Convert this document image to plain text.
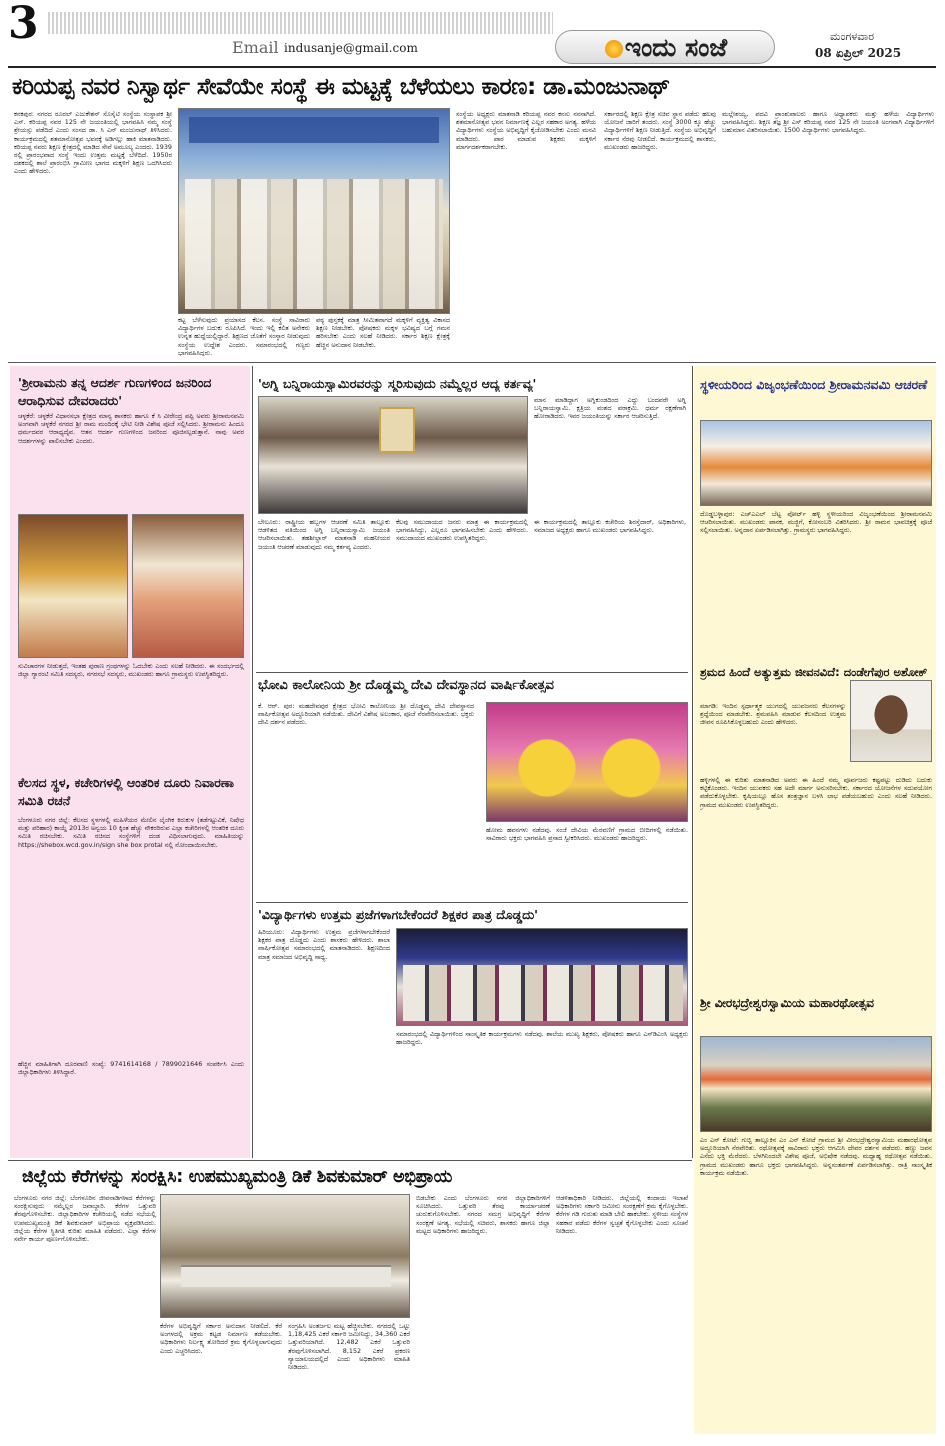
3	Email indusanje@gmail.com	ಇಂದು ಸಂಜೆ	ಮಂಗಳವಾರ
08 ಏಪ್ರಿಲ್ 2025
ಕರಿಯಪ್ಪ ನವರ ನಿಸ್ವಾರ್ಥ ಸೇವೆಯೇ ಸಂಸ್ಥೆ ಈ ಮಟ್ಟಕ್ಕೆ ಬೆಳೆಯಲು ಕಾರಣ: ಡಾ.ಮಂಜುನಾಥ್
ಕನಕಪುರ: ನಗರದ ರೂರಲ್ ಎಜುಕೇಶನ್ ಸೊಸೈಟಿ ಸಂಸ್ಥೆಯ ಸಂಸ್ಥಾಪಕ ಶ್ರೀ ಎಸ್. ಕರಿಯಪ್ಪ ನವರ 125 ನೇ ಜಯಂತಿಯಲ್ಲಿ ಭಾಗವಹಿಸಿ ನಮ್ಮ ಸಂಸ್ಥೆ ಶ್ರೇಯಸ್ಸು ಪಡೆದಿದೆ ಎಂದು ಸಂಸದ ಡಾ. ಸಿ ಎನ್ ಮಂಜುನಾಥ್ ತಿಳಿಸಿದರು. ಕಾರ್ಯಕ್ರಮದಲ್ಲಿ ಶತಮಾನೋತ್ಸವ ಭವನಕ್ಕೆ ಅಡಿಗಲ್ಲು ಹಾಕಿ ಮಾತನಾಡಿದರು. ಕರಿಯಪ್ಪ ನವರು ಶಿಕ್ಷಣ ಕ್ಷೇತ್ರದಲ್ಲಿ ಮಾಡಿದ ಸೇವೆ ಅಮೂಲ್ಯ ಎಂದರು. 1939 ರಲ್ಲಿ ಪ್ರಾರಂಭವಾದ ಸಂಸ್ಥೆ ಇಂದು ಉತ್ತಮ ಮಟ್ಟಕ್ಕೆ ಬೆಳೆದಿದೆ. 1950ರ ದಶಕದಲ್ಲಿ ಶಾಲೆ ಪ್ರಾರಂಭಿಸಿ ಗ್ರಾಮೀಣ ಭಾಗದ ಮಕ್ಕಳಿಗೆ ಶಿಕ್ಷಣ ಒದಗಿಸಿದರು ಎಂದು ಹೇಳಿದರು.
ಕಟ್ಟ ಬೆಳೆಸುವುದು ಪ್ರಯಾಸದ ಕೆಲಸ. ಸಂಸ್ಥೆ ಸಾವಿರಾರು ವಿದ್ಯಾರ್ಥಿಗಳ ಬದುಕು ರೂಪಿಸಿದೆ. ಇಂದು ಇಲ್ಲಿ ಕಲಿತ ಅನೇಕರು ಉನ್ನತ ಹುದ್ದೆಯಲ್ಲಿದ್ದಾರೆ. ಶಿಕ್ಷಣದ ಜೊತೆಗೆ ಸಂಸ್ಕಾರ ನೀಡುವುದು ಸಂಸ್ಥೆಯ ಉದ್ದೇಶ ಎಂದರು. ಸಮಾರಂಭದಲ್ಲಿ ಗಣ್ಯರು ಭಾಗವಹಿಸಿದ್ದರು.
ಪಠ್ಯ ಪುಸ್ತಕಕ್ಕೆ ಮಾತ್ರ ಸೀಮಿತವಾಗದೆ ಮಕ್ಕಳಿಗೆ ವ್ಯಕ್ತಿತ್ವ ವಿಕಾಸದ ಶಿಕ್ಷಣ ನೀಡಬೇಕು. ಪೋಷಕರು ಮಕ್ಕಳ ಭವಿಷ್ಯದ ಬಗ್ಗೆ ಗಮನ ಹರಿಸಬೇಕು ಎಂದು ಸಲಹೆ ನೀಡಿದರು. ಸರ್ಕಾರ ಶಿಕ್ಷಣ ಕ್ಷೇತ್ರಕ್ಕೆ ಹೆಚ್ಚಿನ ಅನುದಾನ ನೀಡಬೇಕು.
ಸಂಸ್ಥೆಯ ಅಧ್ಯಕ್ಷರು ಮಾತನಾಡಿ ಕರಿಯಪ್ಪ ನವರ ಕನಸು ನನಸಾಗಿದೆ. ಶತಮಾನೋತ್ಸವ ಭವನ ನಿರ್ಮಾಣಕ್ಕೆ ಎಲ್ಲರ ಸಹಕಾರ ಅಗತ್ಯ. ಹಳೆಯ ವಿದ್ಯಾರ್ಥಿಗಳು ಸಂಸ್ಥೆಯ ಅಭಿವೃದ್ಧಿಗೆ ಕೈಜೋಡಿಸಬೇಕು ಎಂದು ಮನವಿ ಮಾಡಿದರು. ಪಾಠ ಮಾಡುವ ಶಿಕ್ಷಕರು ಮಕ್ಕಳಿಗೆ ಮಾರ್ಗದರ್ಶಕರಾಗಬೇಕು.
ಸರ್ಕಾರದಲ್ಲಿ ಶಿಕ್ಷಣ ಕ್ಷೇತ್ರ ಸಚಿವ ಸ್ಥಾನ ಪಡೆದು ಹಲವು ಯೋಜನೆ ಜಾರಿಗೆ ತಂದರು. ಸಂಸ್ಥೆ 3000 ಕ್ಕೂ ಹೆಚ್ಚು ವಿದ್ಯಾರ್ಥಿಗಳಿಗೆ ಶಿಕ್ಷಣ ನೀಡುತ್ತಿದೆ. ಸಂಸ್ಥೆಯ ಅಭಿವೃದ್ಧಿಗೆ ಸರ್ಕಾರ ನೆರವು ನೀಡಲಿದೆ. ಕಾರ್ಯಕ್ರಮದಲ್ಲಿ ಶಾಸಕರು, ಮುಖಂಡರು ಹಾಜರಿದ್ದರು.
ಮಲ್ಲೇಶಯ್ಯ, ಪದವಿ ಪ್ರಾಂಶುಪಾಲರು ಹಾಗೂ ಅಧ್ಯಾಪಕರು ಮತ್ತು ಹಳೆಯ ವಿದ್ಯಾರ್ಥಿಗಳು ಭಾಗವಹಿಸಿದ್ದರು. ಶಿಕ್ಷಣ ತಜ್ಞ ಶ್ರೀ ಎಸ್ ಕರಿಯಪ್ಪ ನವರ 125 ನೇ ಜಯಂತಿ ಅಂಗವಾಗಿ ವಿದ್ಯಾರ್ಥಿಗಳಿಗೆ ಬಹುಮಾನ ವಿತರಿಸಲಾಯಿತು. 1500 ವಿದ್ಯಾರ್ಥಿಗಳು ಭಾಗವಹಿಸಿದ್ದರು.
'ಶ್ರೀರಾಮನು ತನ್ನ ಆದರ್ಶ ಗುಣಗಳಿಂದ ಜನರಿಂದ ಆರಾಧಿಸುವ ದೇವರಾದರು'
ಚಳ್ಳಕೆರೆ: ಚಳ್ಳಕೆರೆ ವಿಧಾನಸಭಾ ಕ್ಷೇತ್ರದ ಮಾನ್ಯ ಶಾಸಕರು ಹಾಗೂ ಕೆ ಸಿ ವೀರೇಂದ್ರ ಪಪ್ಪಿ ಅವರು ಶ್ರೀರಾಮನವಮಿ ಅಂಗವಾಗಿ ಚಳ್ಳಕೆರೆ ನಗರದ ಶ್ರೀ ರಾಮ ಮಂದಿರಕ್ಕೆ ಭೇಟಿ ನೀಡಿ ವಿಶೇಷ ಪೂಜೆ ಸಲ್ಲಿಸಿದರು. ಶ್ರೀರಾಮನು ಹಿಂದೂ ಧರ್ಮದವರ ಆರಾಧ್ಯದೈವ. ಆತನ ಆದರ್ಶ ಗುಣಗಳಿಂದ ಜನರಿಂದ ಪೂಜಿಸಲ್ಪಡುತ್ತಾನೆ. ನಾವು ಅವರ ಆದರ್ಶಗಳನ್ನು ಪಾಲಿಸಬೇಕು ಎಂದರು.
ಸುವಿಚಾರಗಳ ನೀಡುತ್ತದೆ, ಇಂತಹ ಪುರಾಣ ಗ್ರಂಥಗಳನ್ನು ಓದಬೇಕು ಎಂದು ಸಲಹೆ ನೀಡಿದರು. ಈ ಸಂದರ್ಭದಲ್ಲಿ ಜಿಲ್ಲಾ ಗ್ಯಾರಂಟಿ ಸಮಿತಿ ಸದಸ್ಯರು, ನಗರಸಭೆ ಸದಸ್ಯರು, ಮುಖಂಡರು ಹಾಗೂ ಗ್ರಾಮಸ್ಥರು ಉಪಸ್ಥಿತರಿದ್ದರು.
ಕೆಲಸದ ಸ್ಥಳ, ಕಚೇರಿಗಳಲ್ಲಿ ಆಂತರಿಕ ದೂರು ನಿವಾರಣಾ ಸಮಿತಿ ರಚನೆ
ಬೆಂಗಳೂರು ನಗರ ಜಿಲ್ಲೆ: ಕೆಲಸದ ಸ್ಥಳಗಳಲ್ಲಿ ಮಹಿಳೆಯರ ಮೇಲಿನ ಲೈಂಗಿಕ ಕಿರುಕುಳ (ತಡೆಗಟ್ಟುವಿಕೆ, ನಿಷೇಧ ಮತ್ತು ಪರಿಹಾರ) ಕಾಯ್ದೆ 2013ರ ಅನ್ವಯ 10 ಕ್ಕಿಂತ ಹೆಚ್ಚು ನೌಕರರಿರುವ ಎಲ್ಲಾ ಕಚೇರಿಗಳಲ್ಲಿ ಆಂತರಿಕ ದೂರು ಸಮಿತಿ ರಚಿಸಬೇಕು. ಸಮಿತಿ ರಚಿಸದ ಸಂಸ್ಥೆಗಳಿಗೆ ದಂಡ ವಿಧಿಸಲಾಗುವುದು. ಮಾಹಿತಿಯನ್ನು https://shebox.wcd.gov.in/sign she box protal ನಲ್ಲಿ ನೋಂದಾಯಿಸಬೇಕು.
ಹೆಚ್ಚಿನ ಮಾಹಿತಿಗಾಗಿ ದೂರವಾಣಿ ಸಂಖ್ಯೆ: 9741614168 / 7899021646 ಸಂಪರ್ಕಿಸಿ ಎಂದು ಜಿಲ್ಲಾಧಿಕಾರಿಗಳು ತಿಳಿಸಿದ್ದಾರೆ.
'ಅಗ್ನಿ ಬನ್ನಿರಾಯಸ್ವಾಮಿರವರನ್ನು ಸ್ಮರಿಸುವುದು ನಮ್ಮೆಲ್ಲರ ಆದ್ಯ ಕರ್ತವ್ಯ'
ಮಾನ ಮಾಡಿದ್ದಾಗ ಅಗ್ನಿಕುಂಡದಿಂದ ಎದ್ದು ಬಂದವರೇ ಅಗ್ನಿ ಬನ್ನಿರಾಯಸ್ವಾಮಿ. ಕ್ಷತ್ರಿಯ ವಂಶದ ಪರಾಕ್ರಮಿ. ಧರ್ಮ ರಕ್ಷಣೆಗಾಗಿ ಹೋರಾಡಿದರು. ಇವರ ಜಯಂತಿಯನ್ನು ಸರ್ಕಾರ ಆಚರಿಸುತ್ತಿದೆ.
ಬೇಲೂರು: ರಾಷ್ಟ್ರೀಯ ಹಬ್ಬಗಳ ಆಚರಣೆ ಸಮಿತಿ ತಾಲ್ಲೂಕು ಆಡಳಿತದ ವತಿಯಿಂದ ಅಗ್ನಿ ಬನ್ನಿರಾಯಸ್ವಾಮಿ ಜಯಂತಿ ಆಚರಿಸಲಾಯಿತು. ತಹಶೀಲ್ದಾರ್ ಮಾತನಾಡಿ ಮಹನೀಯರ ಜಯಂತಿ ಆಚರಣೆ ಮಾಡುವುದು ನಮ್ಮ ಕರ್ತವ್ಯ ಎಂದರು.
ಕೆಲವು ಸಮುದಾಯದ ಜನರು ಮಾತ್ರ ಈ ಕಾರ್ಯಕ್ರಮದಲ್ಲಿ ಭಾಗವಹಿಸಿದ್ದು, ಎಲ್ಲರೂ ಭಾಗವಹಿಸಬೇಕು ಎಂದು ಹೇಳಿದರು. ಸಮುದಾಯದ ಮುಖಂಡರು ಉಪಸ್ಥಿತರಿದ್ದರು.
ಈ ಕಾರ್ಯಕ್ರಮದಲ್ಲಿ ತಾಲ್ಲೂಕು ಕಚೇರಿಯ ಶಿರಸ್ತೆದಾರ್, ಅಧಿಕಾರಿಗಳು, ಸಮಾಜದ ಅಧ್ಯಕ್ಷರು ಹಾಗೂ ಮುಖಂಡರು ಭಾಗವಹಿಸಿದ್ದರು.
ಭೋವಿ ಕಾಲೋನಿಯ ಶ್ರೀ ದೊಡ್ಡಮ್ಮ ದೇವಿ ದೇವಸ್ಥಾನದ ವಾರ್ಷಿಕೋತ್ಸವ
ಕೆ. ಆರ್. ಪುರ: ಮಹದೇವಪುರ ಕ್ಷೇತ್ರದ ಭೋವಿ ಕಾಲೋನಿಯ ಶ್ರೀ ದೊಡ್ಡಮ್ಮ ದೇವಿ ದೇವಸ್ಥಾನದ ವಾರ್ಷಿಕೋತ್ಸವ ಅದ್ದೂರಿಯಾಗಿ ನಡೆಯಿತು. ದೇವಿಗೆ ವಿಶೇಷ ಅಲಂಕಾರ, ಪೂಜೆ ನೆರವೇರಿಸಲಾಯಿತು. ಭಕ್ತರು ದೇವಿ ದರ್ಶನ ಪಡೆದರು.
ಹೋಮ ಹವನಗಳು ನಡೆದವು. ಸಂಜೆ ದೇವಿಯ ಮೆರವಣಿಗೆ ಗ್ರಾಮದ ಬೀದಿಗಳಲ್ಲಿ ನಡೆಯಿತು. ಸಾವಿರಾರು ಭಕ್ತರು ಭಾಗವಹಿಸಿ ಪ್ರಸಾದ ಸ್ವೀಕರಿಸಿದರು. ಮುಖಂಡರು ಹಾಜರಿದ್ದರು.
'ವಿದ್ಯಾರ್ಥಿಗಳು ಉತ್ತಮ ಪ್ರಜೆಗಳಾಗಬೇಕೆಂದರೆ ಶಿಕ್ಷಕರ ಪಾತ್ರ ದೊಡ್ಡದು'
ಹಿರಿಯೂರು: ವಿದ್ಯಾರ್ಥಿಗಳು ಉತ್ತಮ ಪ್ರಜೆಗಳಾಗಬೇಕೆಂದರೆ ಶಿಕ್ಷಕರ ಪಾತ್ರ ದೊಡ್ಡದು ಎಂದು ಶಾಸಕರು ಹೇಳಿದರು. ಶಾಲಾ ವಾರ್ಷಿಕೋತ್ಸವ ಸಮಾರಂಭದಲ್ಲಿ ಮಾತನಾಡಿದರು. ಶಿಕ್ಷಣದಿಂದ ಮಾತ್ರ ಸಮಾಜದ ಅಭಿವೃದ್ಧಿ ಸಾಧ್ಯ.
ಸಮಾರಂಭದಲ್ಲಿ ವಿದ್ಯಾರ್ಥಿಗಳಿಂದ ಸಾಂಸ್ಕೃತಿಕ ಕಾರ್ಯಕ್ರಮಗಳು ನಡೆದವು. ಶಾಲೆಯ ಮುಖ್ಯ ಶಿಕ್ಷಕರು, ಪೋಷಕರು ಹಾಗೂ ಎಸ್‌ಡಿಎಂಸಿ ಅಧ್ಯಕ್ಷರು ಹಾಜರಿದ್ದರು.
ಸ್ಥಳೀಯರಿಂದ ವಿಜೃಂಭಣೆಯಿಂದ ಶ್ರೀರಾಮನವಮಿ ಆಚರಣೆ
ದೊಡ್ಡಬಳ್ಳಾಪುರ: ಎಚ್‌ಎಎಲ್ ಬೆಟ್ಟ ಪೋರ್ಟ್ ಹಳ್ಳಿ ಸ್ಥಳೀಯರಿಂದ ವಿಜೃಂಭಣೆಯಿಂದ ಶ್ರೀರಾಮನವಮಿ ಆಚರಿಸಲಾಯಿತು. ಮುಖಂಡರು ಪಾನಕ, ಮಜ್ಜಿಗೆ, ಕೋಸಂಬರಿ ವಿತರಿಸಿದರು. ಶ್ರೀ ರಾಮನ ಭಾವಚಿತ್ರಕ್ಕೆ ಪೂಜೆ ಸಲ್ಲಿಸಲಾಯಿತು. ಅನ್ನದಾನ ಏರ್ಪಡಿಸಲಾಗಿತ್ತು. ಗ್ರಾಮಸ್ಥರು ಭಾಗವಹಿಸಿದ್ದರು.
ಶ್ರಮದ ಹಿಂದೆ ಅತ್ಯುತ್ತಮ ಜೀವನವಿದೆ: ದಂಡೇಗೆಪುರ ಅಶೋಕ್
ಮಾಗಡಿ: ಇಂದಿನ ಸ್ಪರ್ಧಾತ್ಮಕ ಯುಗದಲ್ಲಿ ಯುವಜನರು ಕೆಲಸಗಳನ್ನು ಶ್ರದ್ಧೆಯಿಂದ ಮಾಡಬೇಕು. ಶ್ರಮವಹಿಸಿ ಮಾಡುವ ಕೆಲಸದಿಂದ ಉತ್ತಮ ಜೀವನ ರೂಪಿಸಿಕೊಳ್ಳಬಹುದು ಎಂದು ಹೇಳಿದರು.
ಹಳ್ಳಿಗಳಲ್ಲಿ ಈ ಕುರಿತು ಮಾತನಾಡಿದ ಅವರು ಈ ಹಿಂದೆ ನಮ್ಮ ಪೂರ್ವಜರು ಕಷ್ಟಪಟ್ಟು ದುಡಿದು ಬದುಕು ಕಟ್ಟಿಕೊಂಡರು. ಇಂದಿನ ಯುವಕರು ಸಹ ಅದೇ ಮಾರ್ಗ ಅನುಸರಿಸಬೇಕು. ಸರ್ಕಾರದ ಯೋಜನೆಗಳ ಸದುಪಯೋಗ ಪಡೆದುಕೊಳ್ಳಬೇಕು. ಕೃಷಿಯಲ್ಲೂ ಹೊಸ ತಂತ್ರಜ್ಞಾನ ಬಳಸಿ ಲಾಭ ಪಡೆಯಬಹುದು ಎಂದು ಸಲಹೆ ನೀಡಿದರು. ಗ್ರಾಮದ ಮುಖಂಡರು ಉಪಸ್ಥಿತರಿದ್ದರು.
ಶ್ರೀ ವೀರಭದ್ರೇಶ್ವರಸ್ವಾಮಿಯ ಮಹಾರಥೋತ್ಸವ
ಎಂ ಎನ್ ಕೋಟೆ: ಗುಬ್ಬಿ ತಾಲ್ಲೂಕಿನ ಎಂ ಎನ್ ಕೋಟೆ ಗ್ರಾಮದ ಶ್ರೀ ವೀರಭದ್ರೇಶ್ವರಸ್ವಾಮಿಯ ಮಹಾರಥೋತ್ಸವ ಅದ್ದೂರಿಯಾಗಿ ನೆರವೇರಿತು. ರಥೋತ್ಸವಕ್ಕೆ ಸಾವಿರಾರು ಭಕ್ತರು ಆಗಮಿಸಿ ದೇವರ ದರ್ಶನ ಪಡೆದರು. ಹಣ್ಣು ಜವನ ಎಸೆದು ಭಕ್ತಿ ಮೆರೆದರು. ಬೆಳಗಿನಿಂದಲೇ ವಿಶೇಷ ಪೂಜೆ, ಅಭಿಷೇಕ ನಡೆದವು. ಮಧ್ಯಾಹ್ನ ರಥೋತ್ಸವ ನಡೆಯಿತು. ಗ್ರಾಮದ ಮುಖಂಡರು ಹಾಗೂ ಭಕ್ತರು ಭಾಗವಹಿಸಿದ್ದರು. ಅನ್ನಸಂತರ್ಪಣೆ ಏರ್ಪಡಿಸಲಾಗಿತ್ತು. ರಾತ್ರಿ ಸಾಂಸ್ಕೃತಿಕ ಕಾರ್ಯಕ್ರಮ ನಡೆಯಿತು.
ಜಿಲ್ಲೆಯ ಕೆರೆಗಳನ್ನು ಸಂರಕ್ಷಿಸಿ: ಉಪಮುಖ್ಯಮಂತ್ರಿ ಡಿಕೆ ಶಿವಕುಮಾರ್ ಅಭಿಪ್ರಾಯ
ಬೆಂಗಳೂರು ನಗರ ಜಿಲ್ಲೆ: ಬೆಂಗಳೂರಿನ ಜೀವನಾಡಿಗಳಾದ ಕೆರೆಗಳನ್ನು ಸಂರಕ್ಷಿಸುವುದು ನಮ್ಮೆಲ್ಲರ ಜವಾಬ್ದಾರಿ. ಕೆರೆಗಳ ಒತ್ತುವರಿ ತೆರವುಗೊಳಿಸಬೇಕು. ಜಿಲ್ಲಾಧಿಕಾರಿಗಳ ಕಚೇರಿಯಲ್ಲಿ ನಡೆದ ಸಭೆಯಲ್ಲಿ ಉಪಮುಖ್ಯಮಂತ್ರಿ ಡಿಕೆ ಶಿವಕುಮಾರ್ ಅಭಿಪ್ರಾಯ ವ್ಯಕ್ತಪಡಿಸಿದರು. ಜಿಲ್ಲೆಯ ಕೆರೆಗಳ ಸ್ಥಿತಿಗತಿ ಕುರಿತು ಮಾಹಿತಿ ಪಡೆದರು. ಎಲ್ಲಾ ಕೆರೆಗಳ ಸರ್ವೇ ಕಾರ್ಯ ಪೂರ್ಣಗೊಳಿಸಬೇಕು.
ಕೆರೆಗಳ ಅಭಿವೃದ್ಧಿಗೆ ಸರ್ಕಾರ ಅನುದಾನ ನೀಡಲಿದೆ. ಕೆರೆ ಅಂಗಳದಲ್ಲಿ ಅಕ್ರಮ ಕಟ್ಟಡ ನಿರ್ಮಾಣ ತಡೆಯಬೇಕು. ಅಧಿಕಾರಿಗಳು ನಿರ್ಲಕ್ಷ್ಯ ತೋರಿದರೆ ಕ್ರಮ ಕೈಗೊಳ್ಳಲಾಗುವುದು ಎಂದು ಎಚ್ಚರಿಸಿದರು.
ಸಂಗ್ರಹಿಸಿ ಅಂತರ್ಜಲ ಮಟ್ಟ ಹೆಚ್ಚಿಸಬೇಕು. ನಗರದಲ್ಲಿ ಒಟ್ಟು 1,18,425 ಎಕರೆ ಸರ್ಕಾರಿ ಜಮೀನಿದ್ದು, 34,360 ಎಕರೆ ಒತ್ತುವರಿಯಾಗಿದೆ. 12,482 ಎಕರೆ ಒತ್ತುವರಿ ತೆರವುಗೊಳಿಸಲಾಗಿದೆ. 8,152 ಎಕರೆ ಪ್ರಕರಣ ನ್ಯಾಯಾಲಯದಲ್ಲಿದೆ ಎಂದು ಅಧಿಕಾರಿಗಳು ಮಾಹಿತಿ ನೀಡಿದರು.
ಬಿಡಬೇಕು ಎಂದು ಬೆಂಗಳೂರು ನಗರ ಜಿಲ್ಲಾಧಿಕಾರಿಗಳಿಗೆ ಸೂಚಿಸಿದರು. ಒತ್ತುವರಿ ತೆರವು ಕಾರ್ಯಾಚರಣೆ ಚುರುಕುಗೊಳಿಸಬೇಕು. ನಗರದ ಸಮಗ್ರ ಅಭಿವೃದ್ಧಿಗೆ ಕೆರೆಗಳ ಸಂರಕ್ಷಣೆ ಅಗತ್ಯ. ಸಭೆಯಲ್ಲಿ ಸಚಿವರು, ಶಾಸಕರು ಹಾಗೂ ಜಿಲ್ಲಾ ಮಟ್ಟದ ಅಧಿಕಾರಿಗಳು ಹಾಜರಿದ್ದರು.
ಆಡಳಿತಾಧಿಕಾರಿ ನೀಡಿದರು. ಜಿಲ್ಲೆಯಲ್ಲಿ ಕಂದಾಯ ಇಲಾಖೆ ಅಧಿಕಾರಿಗಳು ಸರ್ಕಾರಿ ಜಮೀನು ಸಂರಕ್ಷಣೆಗೆ ಕ್ರಮ ಕೈಗೊಳ್ಳಬೇಕು. ಕೆರೆಗಳ ಗಡಿ ಗುರುತು ಮಾಡಿ ಬೇಲಿ ಹಾಕಬೇಕು. ಸ್ಥಳೀಯ ಸಂಸ್ಥೆಗಳ ಸಹಕಾರ ಪಡೆದು ಕೆರೆಗಳ ಸ್ವಚ್ಛತೆ ಕೈಗೊಳ್ಳಬೇಕು ಎಂದು ಸೂಚನೆ ನೀಡಿದರು.
